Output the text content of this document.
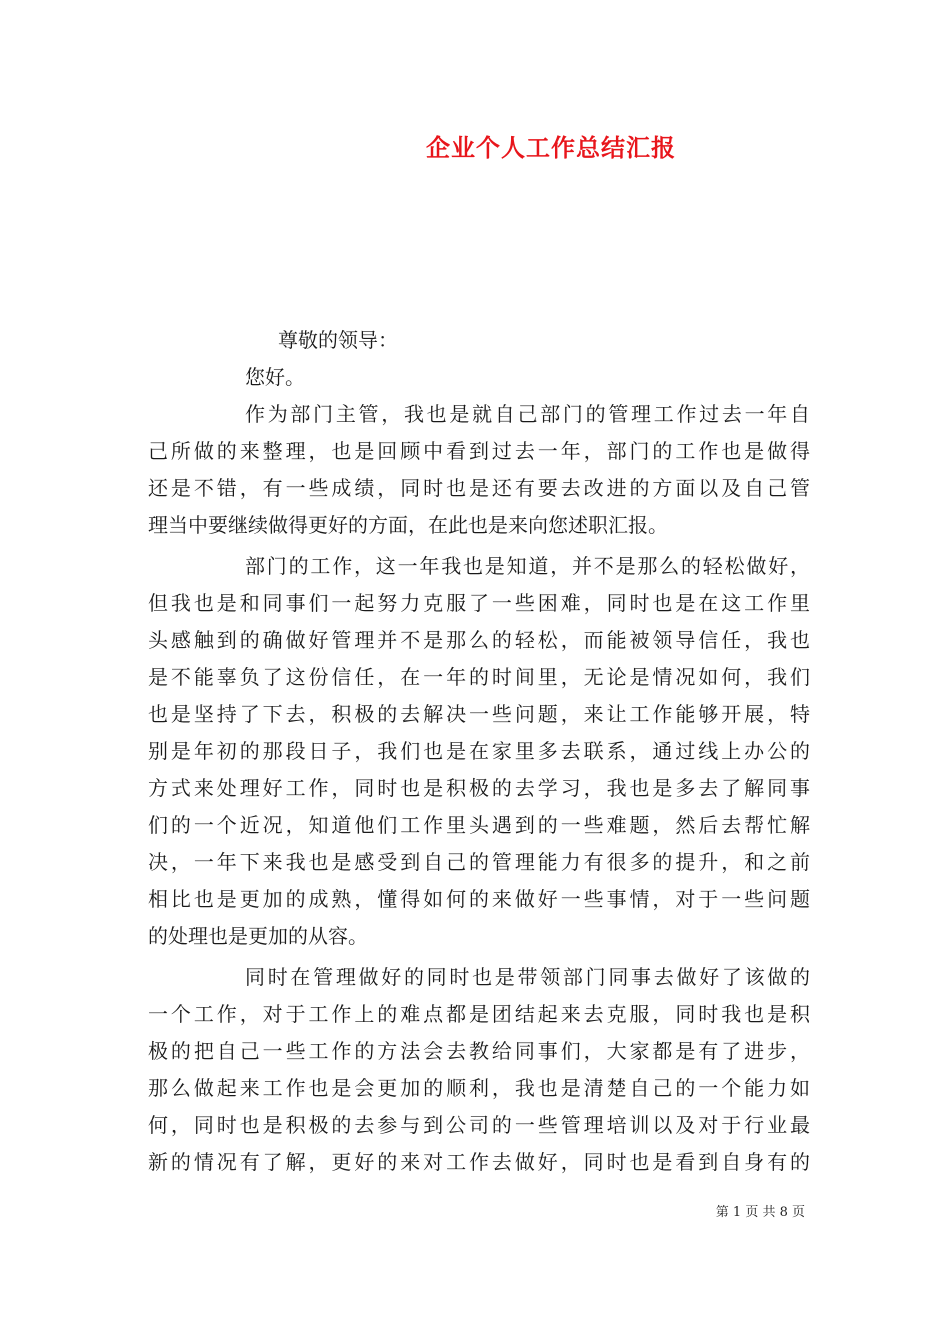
企业个人工作总结汇报
尊敬的领导：
您好。
作为部门主管，我也是就自己部门的管理工作过去一年自
己所做的来整理，也是回顾中看到过去一年，部门的工作也是做得
还是不错，有一些成绩，同时也是还有要去改进的方面以及自己管
理当中要继续做得更好的方面，在此也是来向您述职汇报。
部门的工作，这一年我也是知道，并不是那么的轻松做好，
但我也是和同事们一起努力克服了一些困难，同时也是在这工作里
头感触到的确做好管理并不是那么的轻松，而能被领导信任，我也
是不能辜负了这份信任，在一年的时间里，无论是情况如何，我们
也是坚持了下去，积极的去解决一些问题，来让工作能够开展，特
别是年初的那段日子，我们也是在家里多去联系，通过线上办公的
方式来处理好工作，同时也是积极的去学习，我也是多去了解同事
们的一个近况，知道他们工作里头遇到的一些难题，然后去帮忙解
决，一年下来我也是感受到自己的管理能力有很多的提升，和之前
相比也是更加的成熟，懂得如何的来做好一些事情，对于一些问题
的处理也是更加的从容。
同时在管理做好的同时也是带领部门同事去做好了该做的
一个工作，对于工作上的难点都是团结起来去克服，同时我也是积
极的把自己一些工作的方法会去教给同事们，大家都是有了进步，
那么做起来工作也是会更加的顺利，我也是清楚自己的一个能力如
何，同时也是积极的去参与到公司的一些管理培训以及对于行业最
新的情况有了解，更好的来对工作去做好，同时也是看到自身有的
第 1 页 共 8 页
